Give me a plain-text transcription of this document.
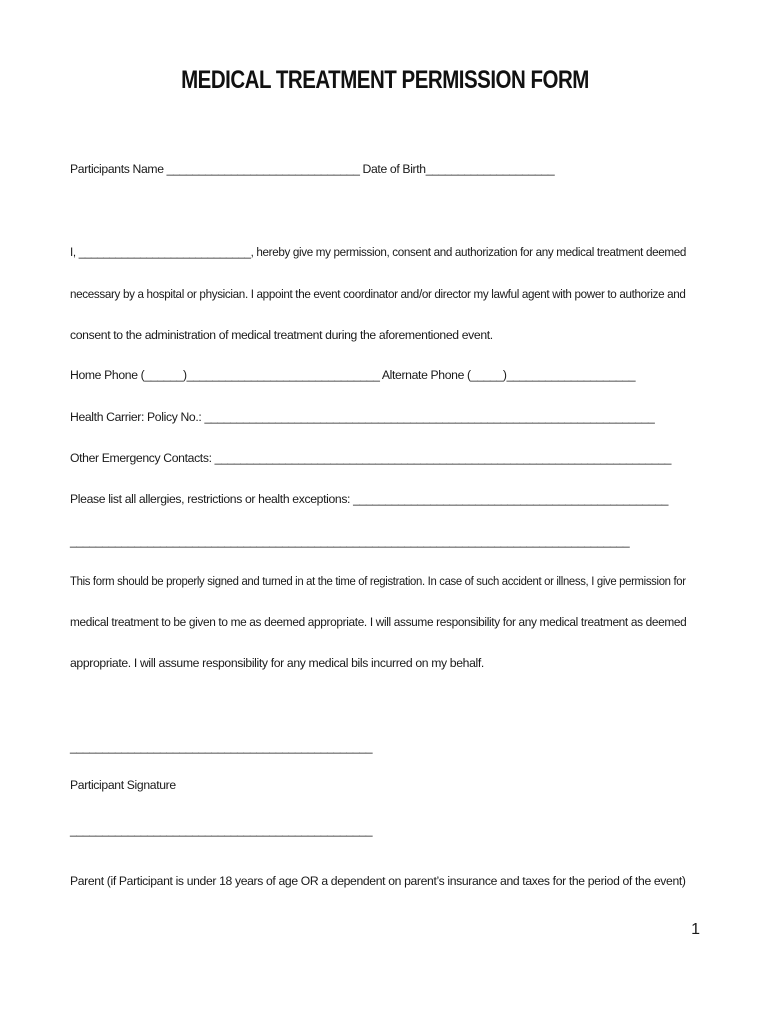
MEDICAL TREATMENT PERMISSION FORM
Participants Name ______________________________ Date of Birth____________________
I, ____________________________, hereby give my permission, consent and authorization for any medical treatment deemed
necessary by a hospital or physician. I appoint the event coordinator and/or director my lawful agent with power to authorize and
consent to the administration of medical treatment during the aforementioned event.
Home Phone (______)______________________________ Alternate Phone (_____)____________________
Health Carrier: Policy No.: ______________________________________________________________________
Other Emergency Contacts: _______________________________________________________________________
Please list all allergies, restrictions or health exceptions: _________________________________________________
_______________________________________________________________________________________
This form should be properly signed and turned in at the time of registration. In case of such accident or illness, I give permission for
medical treatment to be given to me as deemed appropriate. I will assume responsibility for any medical treatment as deemed
appropriate. I will assume responsibility for any medical bils incurred on my behalf.
_______________________________________________
Participant Signature
_______________________________________________
Parent (if Participant is under 18 years of age OR a dependent on parent’s insurance and taxes for the period of the event)
1
